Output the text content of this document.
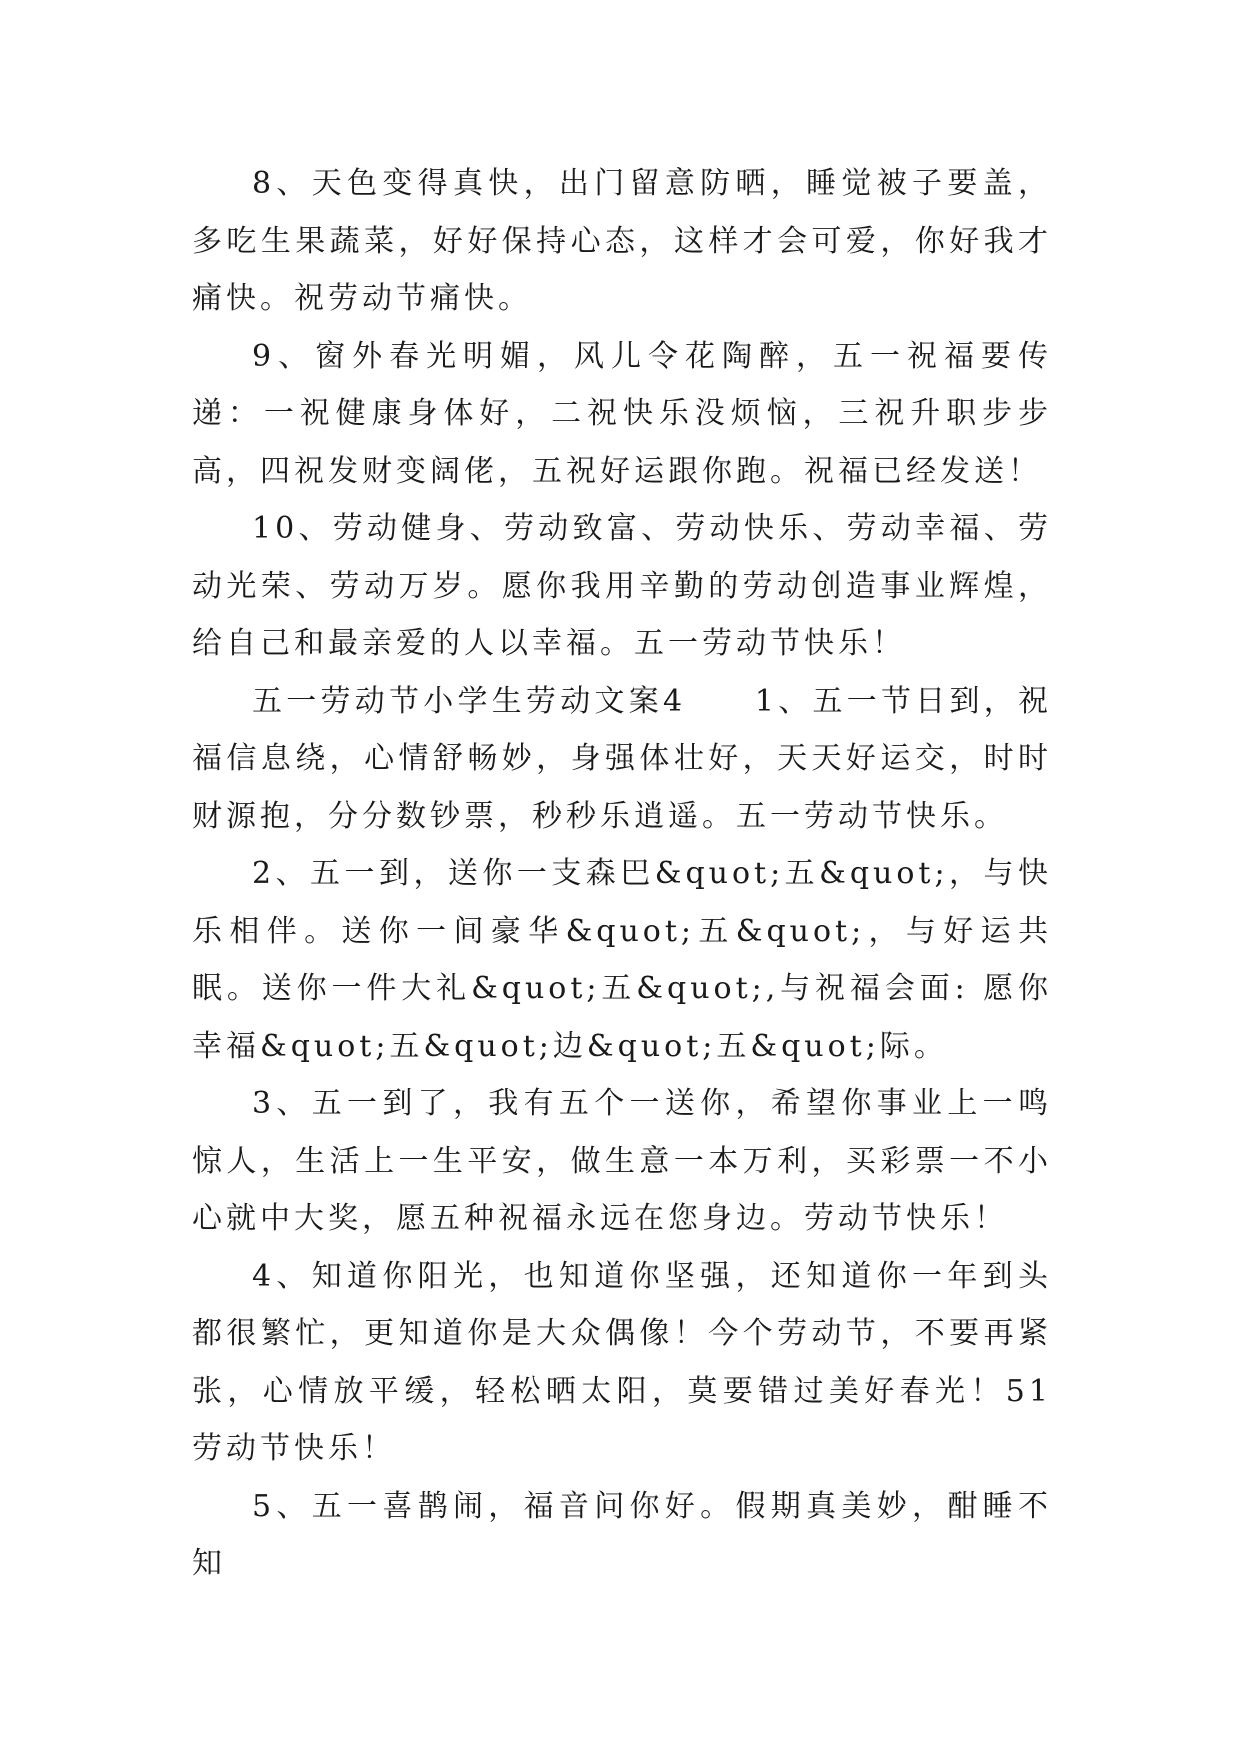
8、天色变得真快，出门留意防晒，睡觉被子要盖，多吃生果蔬菜，好好保持心态，这样才会可爱，你好我才痛快。祝劳动节痛快。

9、窗外春光明媚，风儿令花陶醉，五一祝福要传递：一祝健康身体好，二祝快乐没烦恼，三祝升职步步高，四祝发财变阔佬，五祝好运跟你跑。祝福已经发送！

10、劳动健身、劳动致富、劳动快乐、劳动幸福、劳动光荣、劳动万岁。愿你我用辛勤的劳动创造事业辉煌，给自己和最亲爱的人以幸福。五一劳动节快乐！

五一劳动节小学生劳动文案4　　1、五一节日到，祝福信息绕，心情舒畅妙，身强体壮好，天天好运交，时时财源抱，分分数钞票，秒秒乐逍遥。五一劳动节快乐。

2、五一到，送你一支森巴&quot;五&quot;，与快乐相伴。送你一间豪华&quot;五&quot;，与好运共眠。送你一件大礼&quot;五&quot;,与祝福会面: 愿你幸福&quot;五&quot;边&quot;五&quot;际。

3、五一到了，我有五个一送你，希望你事业上一鸣惊人，生活上一生平安，做生意一本万利，买彩票一不小心就中大奖，愿五种祝福永远在您身边。劳动节快乐！

4、知道你阳光，也知道你坚强，还知道你一年到头都很繁忙，更知道你是大众偶像！今个劳动节，不要再紧张，心情放平缓，轻松晒太阳，莫要错过美好春光！51劳动节快乐！

5、五一喜鹊闹，福音问你好。假期真美妙，酣睡不知
